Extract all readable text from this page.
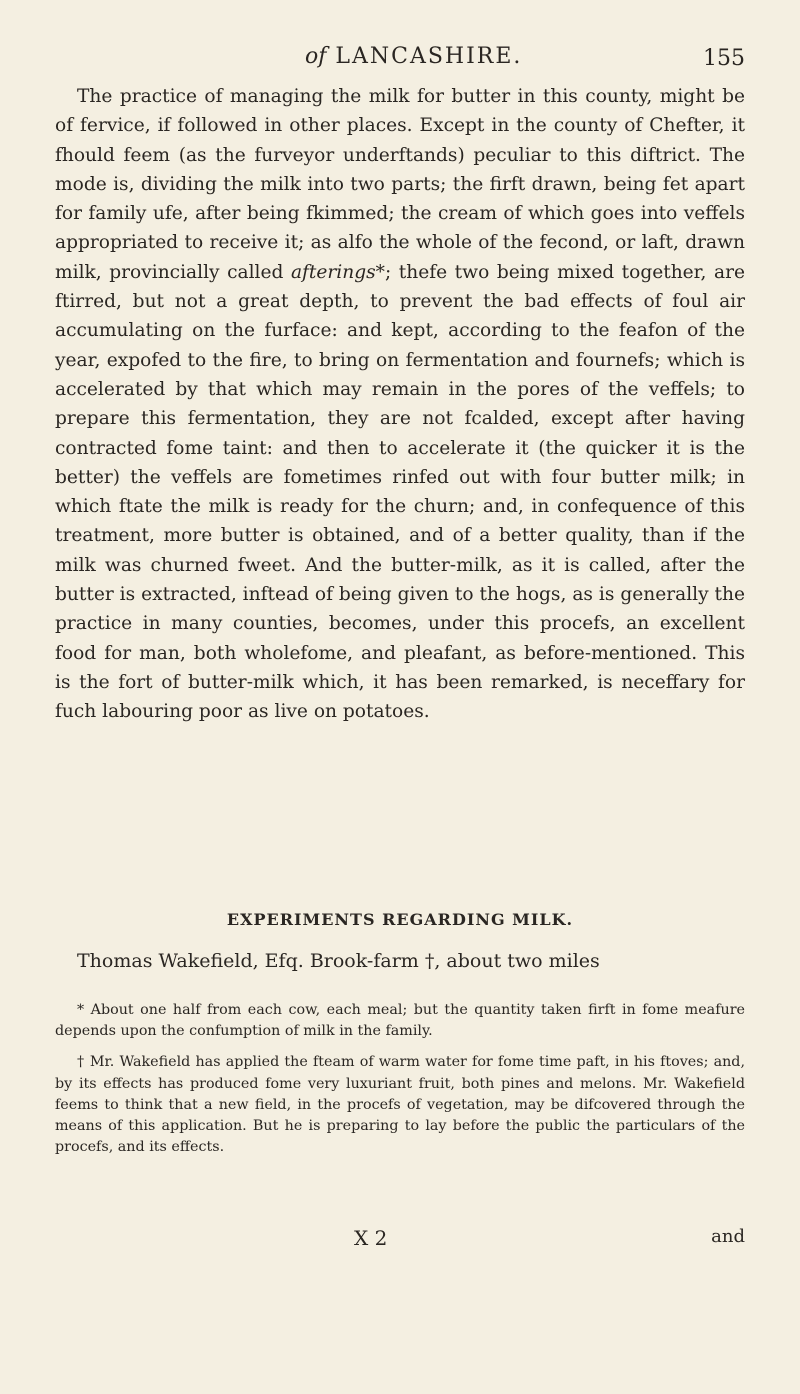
of LANCASHIRE.	155

The practice of managing the milk for butter in this county, might be of fervice, if followed in other places. Except in the county of Chefter, it fhould feem (as the furveyor underftands) peculiar to this diftrict. The mode is, dividing the milk into two parts; the firft drawn, being fet apart for family ufe, after being fkimmed; the cream of which goes into veffels appropriated to receive it; as alfo the whole of the fecond, or laft, drawn milk, provincially called afterings*; thefe two being mixed together, are ftirred, but not a great depth, to prevent the bad effects of foul air accumulating on the furface: and kept, according to the feafon of the year, expofed to the fire, to bring on fermentation and fournefs; which is accelerated by that which may remain in the pores of the veffels; to prepare this fermentation, they are not fcalded, except after having contracted fome taint: and then to accelerate it (the quicker it is the better) the veffels are fometimes rinfed out with four butter milk; in which ftate the milk is ready for the churn; and, in confequence of this treatment, more butter is obtained, and of a better quality, than if the milk was churned fweet. And the butter-milk, as it is called, after the butter is extracted, inftead of being given to the hogs, as is generally the practice in many counties, becomes, under this procefs, an excellent food for man, both wholefome, and pleafant, as before-mentioned. This is the fort of butter-milk which, it has been remarked, is neceffary for fuch labouring poor as live on potatoes.

EXPERIMENTS REGARDING MILK.

Thomas Wakefield, Efq. Brook-farm †, about two miles

* About one half from each cow, each meal; but the quantity taken firft in fome meafure depends upon the confumption of milk in the family.

† Mr. Wakefield has applied the fteam of warm water for fome time paft, in his ftoves; and, by its effects has produced fome very luxuriant fruit, both pines and melons. Mr. Wakefield feems to think that a new field, in the procefs of vegetation, may be difcovered through the means of this application. But he is preparing to lay before the public the particulars of the procefs, and its effects.

X 2	and
